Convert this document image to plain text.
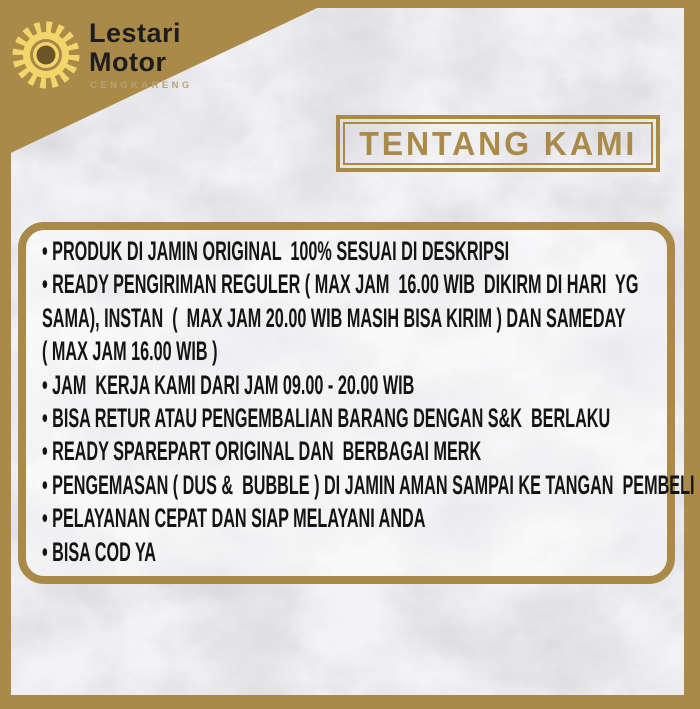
Lestari
Motor
CENGKARENG
TENTANG KAMI
• PRODUK DI JAMIN ORIGINAL  100% SESUAI DI DESKRIPSI
• READY PENGIRIMAN REGULER ( MAX JAM  16.00 WIB  DIKIRM DI HARI  YG
SAMA), INSTAN  (  MAX JAM 20.00 WIB MASIH BISA KIRIM ) DAN SAMEDAY
( MAX JAM 16.00 WIB )
• JAM  KERJA KAMI DARI JAM 09.00 - 20.00 WIB
• BISA RETUR ATAU PENGEMBALIAN BARANG DENGAN S&K  BERLAKU
• READY SPAREPART ORIGINAL DAN  BERBAGAI MERK
• PENGEMASAN ( DUS &  BUBBLE ) DI JAMIN AMAN SAMPAI KE TANGAN  PEMBELI
• PELAYANAN CEPAT DAN SIAP MELAYANI ANDA
• BISA COD YA
